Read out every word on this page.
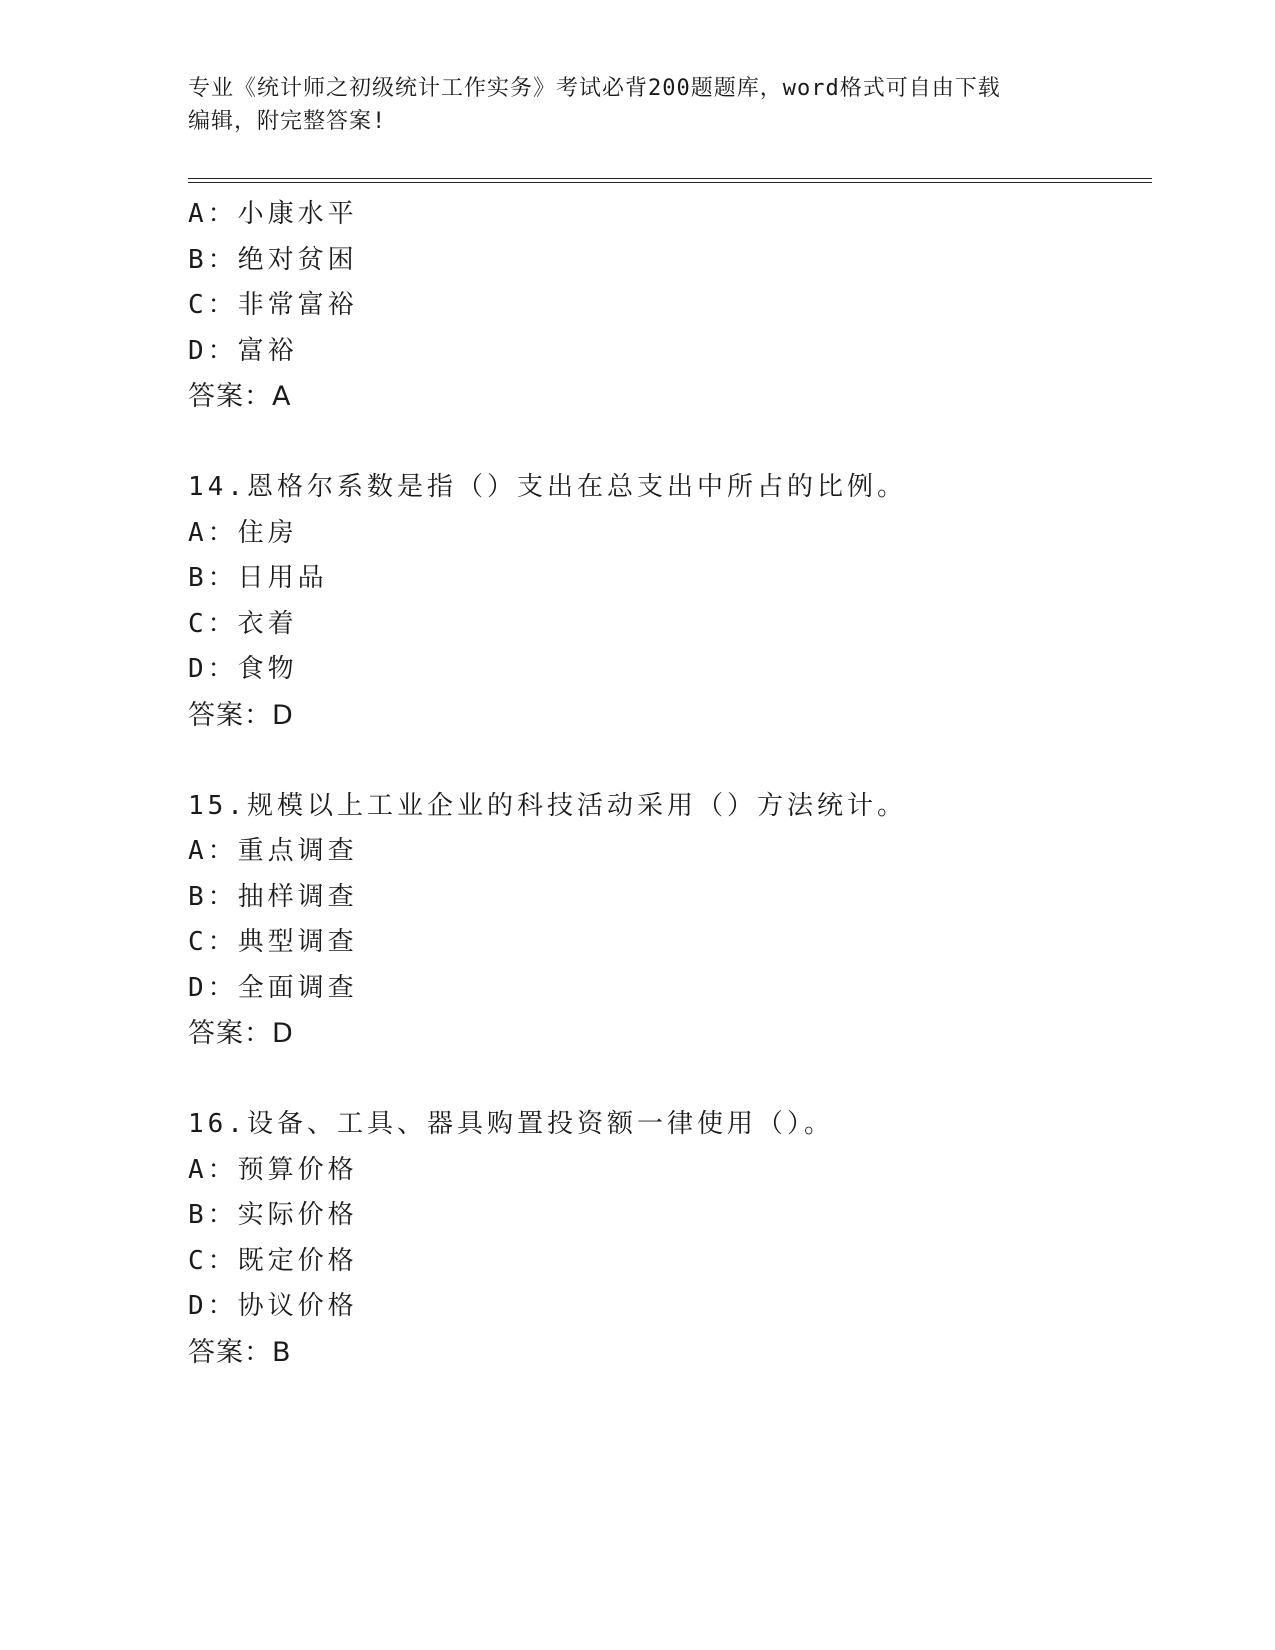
专业《统计师之初级统计工作实务》考试必背200题题库，word格式可自由下载
编辑，附完整答案!
A：小康水平
B：绝对贫困
C：非常富裕
D：富裕
答案：A
14.恩格尔系数是指（）支出在总支出中所占的比例。
A：住房
B：日用品
C：衣着
D：食物
答案：D
15.规模以上工业企业的科技活动采用（）方法统计。
A：重点调查
B：抽样调查
C：典型调查
D：全面调查
答案：D
16.设备、工具、器具购置投资额一律使用（）。
A：预算价格
B：实际价格
C：既定价格
D：协议价格
答案：B
